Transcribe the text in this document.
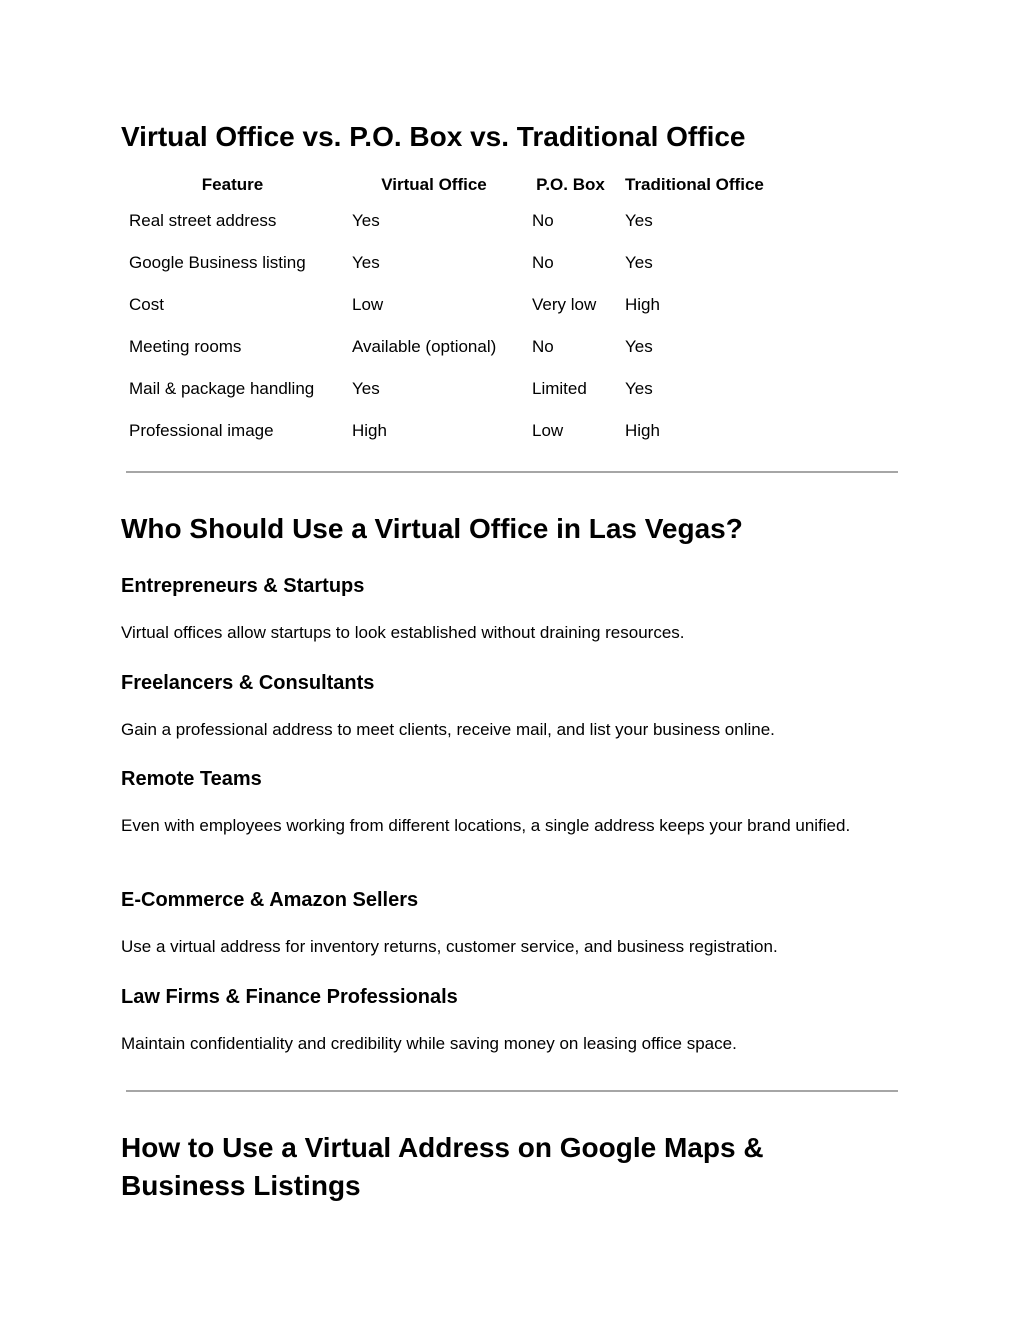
Virtual Office vs. P.O. Box vs. Traditional Office
Feature	Virtual Office	P.O. Box	Traditional Office
Real street address	Yes	No	Yes
Google Business listing	Yes	No	Yes
Cost	Low	Very low	High
Meeting rooms	Available (optional)	No	Yes
Mail & package handling	Yes	Limited	Yes
Professional image	High	Low	High
Who Should Use a Virtual Office in Las Vegas?
Entrepreneurs & Startups

Virtual offices allow startups to look established without draining resources.

Freelancers & Consultants

Gain a professional address to meet clients, receive mail, and list your business online.

Remote Teams

Even with employees working from different locations, a single address keeps your brand unified.

E-Commerce & Amazon Sellers

Use a virtual address for inventory returns, customer service, and business registration.

Law Firms & Finance Professionals

Maintain confidentiality and credibility while saving money on leasing office space.

How to Use a Virtual Address on Google Maps & Business Listings
